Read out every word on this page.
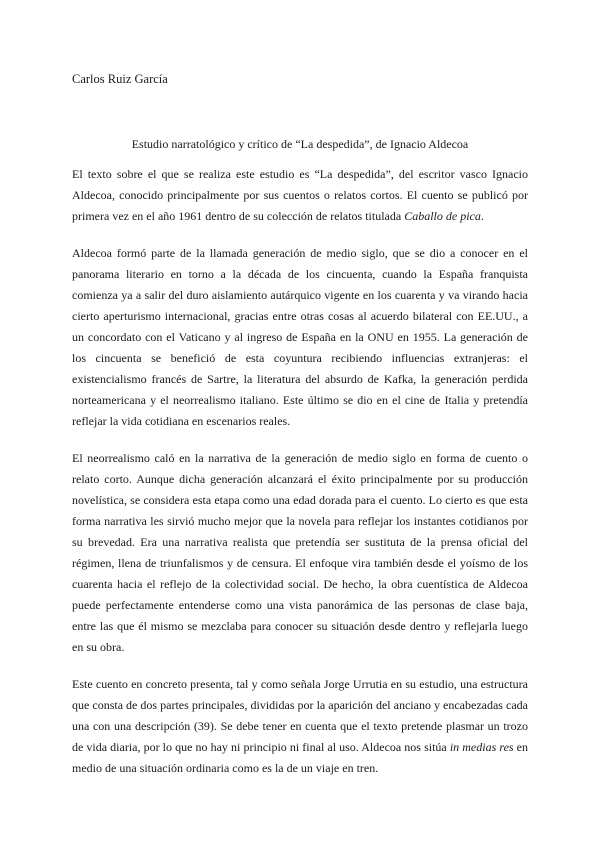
Carlos Ruiz García
Estudio narratológico y crítico de “La despedida”, de Ignacio Aldecoa

El texto sobre el que se realiza este estudio es “La despedida”, del escritor vasco Ignacio Aldecoa, conocido principalmente por sus cuentos o relatos cortos. El cuento se publicó por primera vez en el año 1961 dentro de su colección de relatos titulada Caballo de pica.

Aldecoa formó parte de la llamada generación de medio siglo, que se dio a conocer en el panorama literario en torno a la década de los cincuenta, cuando la España franquista comienza ya a salir del duro aislamiento autárquico vigente en los cuarenta y va virando hacia cierto aperturismo internacional, gracias entre otras cosas al acuerdo bilateral con EE.UU., a un concordato con el Vaticano y al ingreso de España en la ONU en 1955. La generación de los cincuenta se benefició de esta coyuntura recibiendo influencias extranjeras: el existencialismo francés de Sartre, la literatura del absurdo de Kafka, la generación perdida norteamericana y el neorrealismo italiano. Este último se dio en el cine de Italia y pretendía reflejar la vida cotidiana en escenarios reales.

El neorrealismo caló en la narrativa de la generación de medio siglo en forma de cuento o relato corto. Aunque dicha generación alcanzará el éxito principalmente por su producción novelística, se considera esta etapa como una edad dorada para el cuento. Lo cierto es que esta forma narrativa les sirvió mucho mejor que la novela para reflejar los instantes cotidianos por su brevedad. Era una narrativa realista que pretendía ser sustituta de la prensa oficial del régimen, llena de triunfalismos y de censura. El enfoque vira también desde el yoísmo de los cuarenta hacia el reflejo de la colectividad social. De hecho, la obra cuentística de Aldecoa puede perfectamente entenderse como una vista panorámica de las personas de clase baja, entre las que él mismo se mezclaba para conocer su situación desde dentro y reflejarla luego en su obra.

Este cuento en concreto presenta, tal y como señala Jorge Urrutia en su estudio, una estructura que consta de dos partes principales, divididas por la aparición del anciano y encabezadas cada una con una descripción (39). Se debe tener en cuenta que el texto pretende plasmar un trozo de vida diaria, por lo que no hay ni principio ni final al uso. Aldecoa nos sitúa in medias res en medio de una situación ordinaria como es la de un viaje en tren.
